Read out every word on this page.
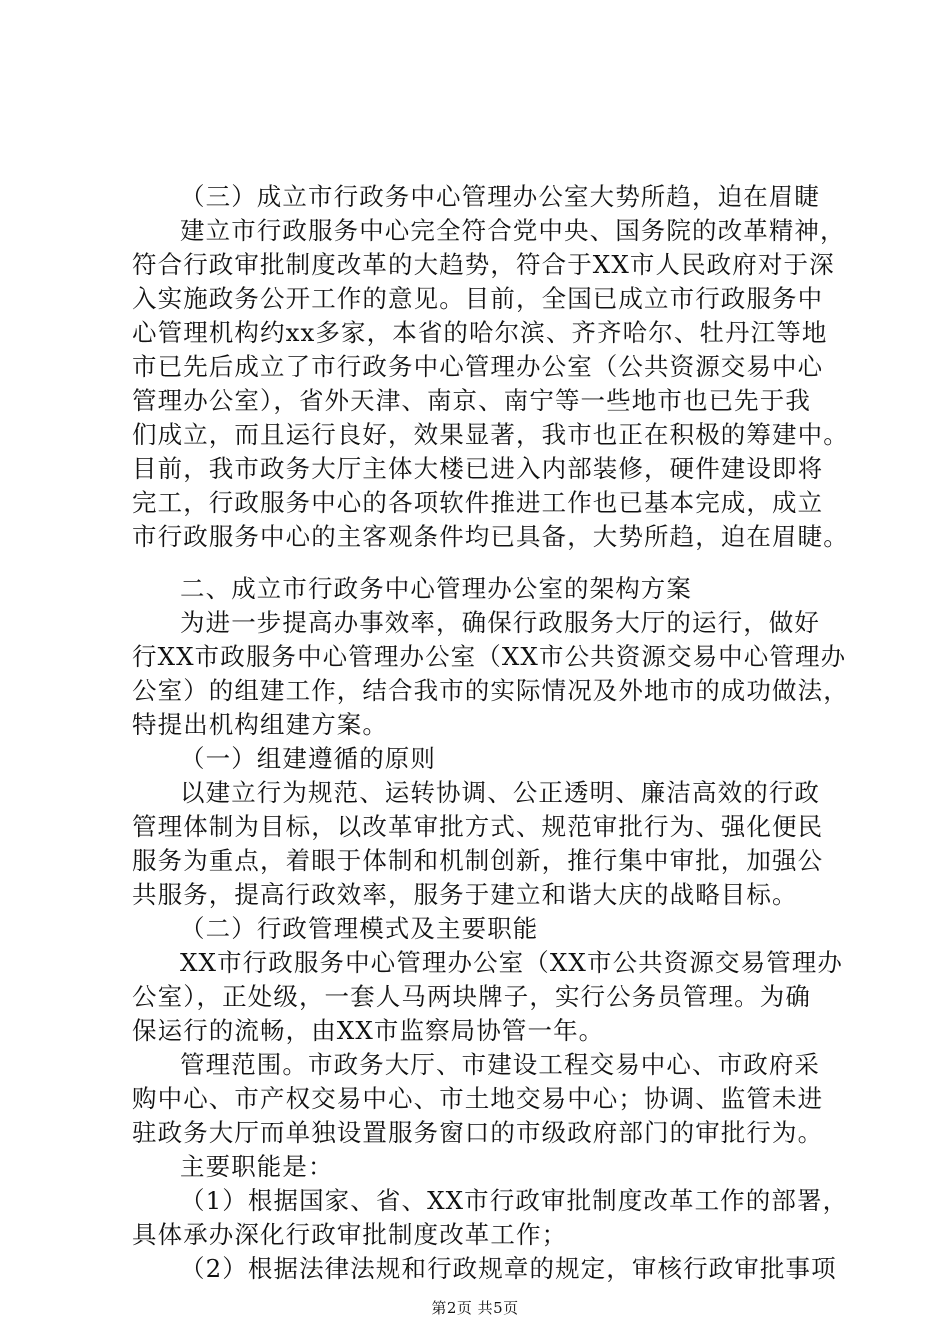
（三）成立市行政务中心管理办公室大势所趋，迫在眉睫
建立市行政服务中心完全符合党中央、国务院的改革精神，
符合行政审批制度改革的大趋势，符合于XX市人民政府对于深
入实施政务公开工作的意见。目前，全国已成立市行政服务中
心管理机构约xx多家，本省的哈尔滨、齐齐哈尔、牡丹江等地
市已先后成立了市行政务中心管理办公室（公共资源交易中心
管理办公室），省外天津、南京、南宁等一些地市也已先于我
们成立，而且运行良好，效果显著，我市也正在积极的筹建中。
目前，我市政务大厅主体大楼已进入内部装修，硬件建设即将
完工，行政服务中心的各项软件推进工作也已基本完成，成立
市行政服务中心的主客观条件均已具备，大势所趋，迫在眉睫。
二、成立市行政务中心管理办公室的架构方案
为进一步提高办事效率，确保行政服务大厅的运行，做好
行XX市政服务中心管理办公室（XX市公共资源交易中心管理办
公室）的组建工作，结合我市的实际情况及外地市的成功做法，
特提出机构组建方案。
（一）组建遵循的原则
以建立行为规范、运转协调、公正透明、廉洁高效的行政
管理体制为目标，以改革审批方式、规范审批行为、强化便民
服务为重点，着眼于体制和机制创新，推行集中审批，加强公
共服务，提高行政效率，服务于建立和谐大庆的战略目标。
（二）行政管理模式及主要职能
XX市行政服务中心管理办公室（XX市公共资源交易管理办
公室），正处级，一套人马两块牌子，实行公务员管理。为确
保运行的流畅，由XX市监察局协管一年。
管理范围。市政务大厅、市建设工程交易中心、市政府采
购中心、市产权交易中心、市土地交易中心；协调、监管未进
驻政务大厅而单独设置服务窗口的市级政府部门的审批行为。
主要职能是：
（1）根据国家、省、XX市行政审批制度改革工作的部署，
具体承办深化行政审批制度改革工作；
（2）根据法律法规和行政规章的规定，审核行政审批事项
第2页 共5页
